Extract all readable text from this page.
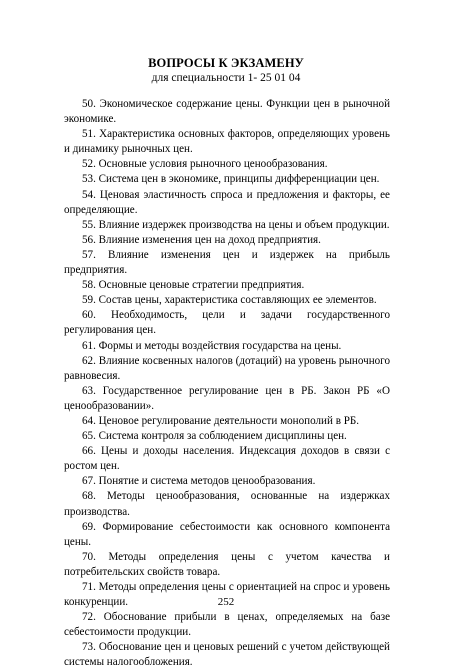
ВОПРОСЫ К ЭКЗАМЕНУ
для специальности 1- 25 01 04
50. Экономическое содержание цены. Функции цен в рыночной экономике.
51. Характеристика основных факторов, определяющих уровень и динамику рыночных цен.
52. Основные условия рыночного ценообразования.
53. Система цен в экономике, принципы дифференциации цен.
54. Ценовая эластичность спроса и предложения и факторы, ее определяющие.
55. Влияние издержек производства на цены и объем продукции.
56. Влияние изменения цен на доход предприятия.
57. Влияние изменения цен и издержек на прибыль предприятия.
58. Основные ценовые стратегии предприятия.
59. Состав цены, характеристика составляющих ее элементов.
60. Необходимость, цели и задачи государственного регулирования цен.
61. Формы и методы воздействия государства на цены.
62. Влияние косвенных налогов (дотаций) на уровень рыночного равновесия.
63. Государственное регулирование цен в РБ. Закон РБ «О ценообразовании».
64. Ценовое регулирование деятельности монополий в РБ.
65. Система контроля за соблюдением дисциплины цен.
66. Цены и доходы населения. Индексация доходов в связи с ростом цен.
67. Понятие и система методов ценообразования.
68. Методы ценообразования, основанные на издержках производства.
69. Формирование себестоимости как основного компонента цены.
70. Методы определения цены с учетом качества и потребительских свойств товара.
71. Методы определения цены с ориентацией на спрос и уровень конкуренции.
72. Обоснование прибыли в ценах, определяемых на базе себестоимости продукции.
73. Обоснование цен и ценовых решений с учетом действующей системы налогообложения.
252
